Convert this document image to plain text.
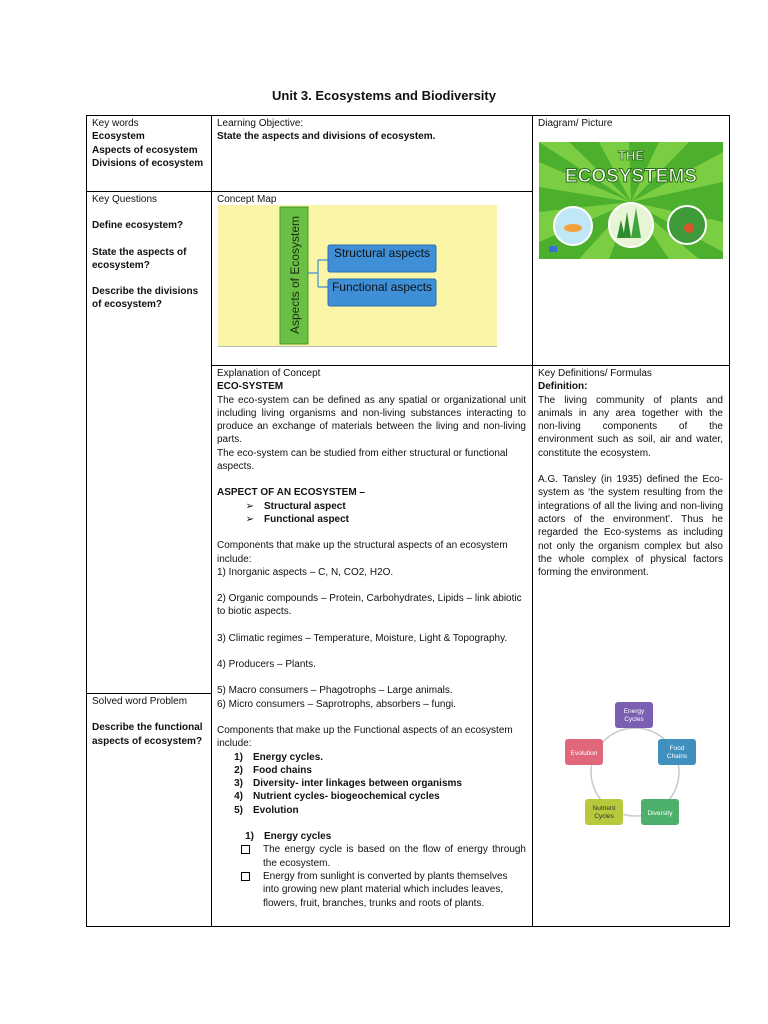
Unit 3. Ecosystems and Biodiversity

Key words

Ecosystem

Aspects of ecosystem

Divisions of ecosystem

Learning Objective:

State the aspects and divisions of ecosystem.

Diagram/ Picture

THE
ECOSYSTEMS

Key Questions

Define ecosystem?

State the aspects of ecosystem?

Describe the divisions of ecosystem?

Concept Map

Aspects of Ecosystem	Structural aspects
Functional aspects

Explanation of Concept

ECO-SYSTEM

The eco-system can be defined as any spatial or organizational unit including living organisms and non-living substances interacting to produce an exchange of materials between the living and non-living parts.

The eco-system can be studied from either structural or functional aspects.

ASPECT OF AN ECOSYSTEM –

➢	Structural aspect
➢	Functional aspect

Components that make up the structural aspects of an ecosystem include:

1) Inorganic aspects – C, N, CO2, H2O.

2) Organic compounds – Protein, Carbohydrates, Lipids – link abiotic to biotic aspects.

3) Climatic regimes – Temperature, Moisture, Light & Topography.

4) Producers – Plants.

5) Macro consumers – Phagotrophs – Large animals.

6) Micro consumers – Saprotrophs, absorbers – fungi.

Components that make up the Functional aspects of an ecosystem include:

1)	Energy cycles.
2)	Food chains
3)	Diversity- inter linkages between organisms
4)	Nutrient cycles- biogeochemical cycles
5)	Evolution
1)	Energy cycles
The energy cycle is based on the flow of energy through the ecosystem.
Energy from sunlight is converted by plants themselves into growing new plant material which includes leaves, flowers, fruit, branches, trunks and roots of plants.

Key Definitions/ Formulas

Definition:

The living community of plants and animals in any area together with the non-living components of the environment such as soil, air and water, constitute the ecosystem.

A.G. Tansley (in 1935) defined the Eco-system as ‘the system resulting from the integrations of all the living and non-living actors of the environment’. Thus he regarded the Eco-systems as including not only the organism complex but also the whole complex of physical factors forming the environment.

Solved word Problem

Describe the functional aspects of ecosystem?

Energy
Cycles
Food
Chains
Diversity
Nutrient
Cycles
Evolution
